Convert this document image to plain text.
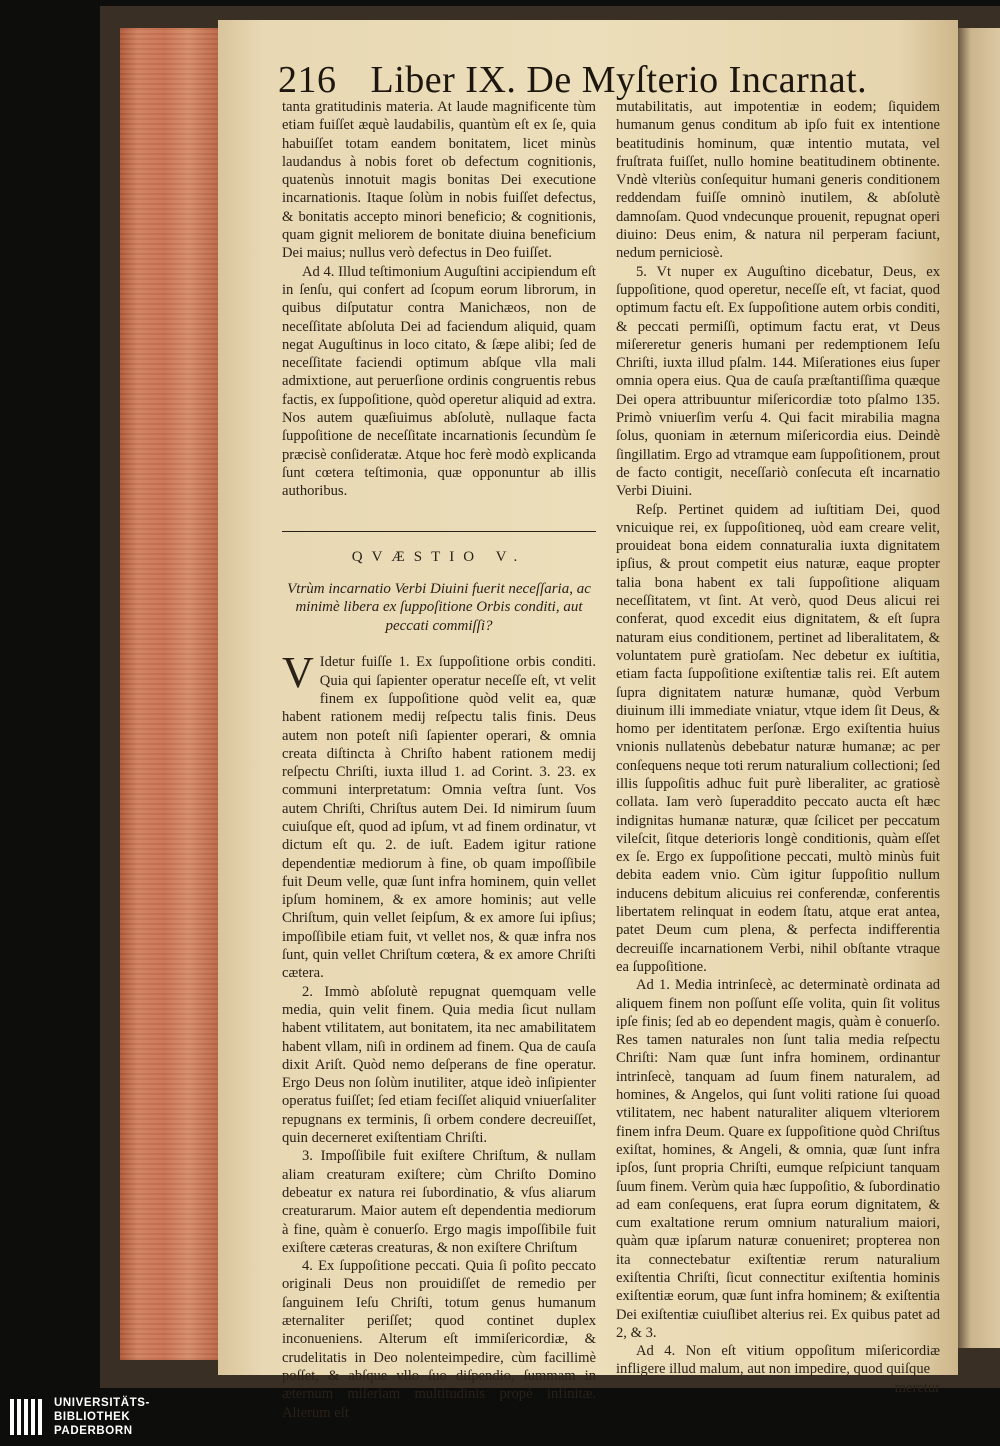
216 Liber IX. De Myſterio Incarnat.

tanta gratitudinis materia. At laude magnificente tùm etiam fuiſſet æquè laudabilis, quantùm eſt ex ſe, quia habuiſſet totam eandem bonitatem, licet minùs laudandus à nobis foret ob defectum cognitionis, quatenùs innotuit magis bonitas Dei executione incarnationis. Itaque ſolùm in nobis fuiſſet defectus, & bonitatis accepto minori beneficio; & cognitionis, quam gignit meliorem de bonitate diuina beneficium Dei maius; nullus verò defectus in Deo fuiſſet.

Ad 4. Illud teſtimonium Auguſtini accipiendum eſt in ſenſu, qui confert ad ſcopum eorum librorum, in quibus diſputatur contra Manichæos, non de neceſſitate abſoluta Dei ad faciendum aliquid, quam negat Auguſtinus in loco citato, & ſæpe alibi; ſed de neceſſitate faciendi optimum abſque vlla mali admixtione, aut peruerſione ordinis congruentis rebus factis, ex ſuppoſitione, quòd operetur aliquid ad extra. Nos autem quæſiuimus abſolutè, nullaque facta ſuppoſitione de neceſſitate incarnationis ſecundùm ſe præcisè conſideratæ. Atque hoc ferè modò explicanda ſunt cœtera teſtimonia, quæ opponuntur ab illis authoribus.

QVÆSTIO V.
Vtrùm incarnatio Verbi Diuini fuerit neceſſaria, ac minimè libera ex ſuppoſitione Orbis conditi, aut peccati commiſſi?

V Idetur fuiſſe 1. Ex ſuppoſitione orbis conditi. Quia qui ſapienter operatur neceſſe eſt, vt velit finem ex ſuppoſitione quòd velit ea, quæ habent rationem medij reſpectu talis finis. Deus autem non poteſt niſi ſapienter operari, & omnia creata diſtincta à Chriſto habent rationem medij reſpectu Chriſti, iuxta illud 1. ad Corint. 3. 23. ex communi interpretatum: Omnia veſtra ſunt. Vos autem Chriſti, Chriſtus autem Dei. Id nimirum ſuum cuiuſque eſt, quod ad ipſum, vt ad finem ordinatur, vt dictum eſt qu. 2. de iuſt. Eadem igitur ratione dependentiæ mediorum à fine, ob quam impoſſibile fuit Deum velle, quæ ſunt infra hominem, quin vellet ipſum hominem, & ex amore hominis; aut velle Chriſtum, quin vellet ſeipſum, & ex amore ſui ipſius; impoſſibile etiam fuit, vt vellet nos, & quæ infra nos ſunt, quin vellet Chriſtum cœtera, & ex amore Chriſti cætera.

2. Immò abſolutè repugnat quemquam velle media, quin velit finem. Quia media ſicut nullam habent vtilitatem, aut bonitatem, ita nec amabilitatem habent vllam, niſi in ordinem ad finem. Qua de cauſa dixit Ariſt. Quòd nemo deſperans de fine operatur. Ergo Deus non ſolùm inutiliter, atque ideò inſipienter operatus fuiſſet; ſed etiam feciſſet aliquid vniuerſaliter repugnans ex terminis, ſi orbem condere decreuiſſet, quin decerneret exiſtentiam Chriſti.

3. Impoſſibile fuit exiſtere Chriſtum, & nullam aliam creaturam exiſtere; cùm Chriſto Domino debeatur ex natura rei ſubordinatio, & vſus aliarum creaturarum. Maior autem eſt dependentia mediorum à fine, quàm è conuerſo. Ergo magis impoſſibile fuit exiſtere cæteras creaturas, & non exiſtere Chriſtum

4. Ex ſuppoſitione peccati. Quia ſi poſito peccato originali Deus non prouidiſſet de remedio per ſanguinem Ieſu Chriſti, totum genus humanum æternaliter periſſet; quod continet duplex inconueniens. Alterum eſt immiſericordiæ, & crudelitatis in Deo nolenteimpedire, cùm facillimè poſſet, & abſque vllo ſuo diſpendio, ſummam in æternum miſeriam multitudinis propè infinitæ. Alterum eſt

mutabilitatis, aut impotentiæ in eodem; ſiquidem humanum genus conditum ab ipſo fuit ex intentione beatitudinis hominum, quæ intentio mutata, vel fruſtrata fuiſſet, nullo homine beatitudinem obtinente. Vndè vlteriùs conſequitur humani generis conditionem reddendam fuiſſe omninò inutilem, & abſolutè damnoſam. Quod vndecunque prouenit, repugnat operi diuino: Deus enim, & natura nil perperam faciunt, nedum perniciosè.

5. Vt nuper ex Auguſtino dicebatur, Deus, ex ſuppoſitione, quod operetur, neceſſe eſt, vt faciat, quod optimum factu eſt. Ex ſuppoſitione autem orbis conditi, & peccati permiſſi, optimum factu erat, vt Deus miſereretur generis humani per redemptionem Ieſu Chriſti, iuxta illud pſalm. 144. Miſerationes eius ſuper omnia opera eius. Qua de cauſa præſtantiſſima quæque Dei opera attribuuntur miſericordiæ toto pſalmo 135. Primò vniuerſim verſu 4. Qui facit mirabilia magna ſolus, quoniam in æternum miſericordia eius. Deindè ſingillatim. Ergo ad vtramque eam ſuppoſitionem, prout de facto contigit, neceſſariò conſecuta eſt incarnatio Verbi Diuini.

Reſp. Pertinet quidem ad iuſtitiam Dei, quod vnicuique rei, ex ſuppoſitioneq, uòd eam creare velit, prouideat bona eidem connaturalia iuxta dignitatem ipſius, & prout competit eius naturæ, eaque propter talia bona habent ex tali ſuppoſitione aliquam neceſſitatem, vt ſint. At verò, quod Deus alicui rei conferat, quod excedit eius dignitatem, & eſt ſupra naturam eius conditionem, pertinet ad liberalitatem, & voluntatem purè gratioſam. Nec debetur ex iuſtitia, etiam facta ſuppoſitione exiſtentiæ talis rei. Eſt autem ſupra dignitatem naturæ humanæ, quòd Verbum diuinum illi immediate vniatur, vtque idem ſit Deus, & homo per identitatem perſonæ. Ergo exiſtentia huius vnionis nullatenùs debebatur naturæ humanæ; ac per conſequens neque toti rerum naturalium collectioni; ſed illis ſuppoſitis adhuc fuit purè liberaliter, ac gratiosè collata. Iam verò ſuperaddito peccato aucta eſt hæc indignitas humanæ naturæ, quæ ſcilicet per peccatum vileſcit, ſitque deterioris longè conditionis, quàm eſſet ex ſe. Ergo ex ſuppoſitione peccati, multò minùs fuit debita eadem vnio. Cùm igitur ſuppoſitio nullum inducens debitum alicuius rei conferendæ, conferentis libertatem relinquat in eodem ſtatu, atque erat antea, patet Deum cum plena, & perfecta indifferentia decreuiſſe incarnationem Verbi, nihil obſtante vtraque ea ſuppoſitione.

Ad 1. Media intrinſecè, ac determinatè ordinata ad aliquem finem non poſſunt eſſe volita, quin ſit volitus ipſe finis; ſed ab eo dependent magis, quàm è conuerſo. Res tamen naturales non ſunt talia media reſpectu Chriſti: Nam quæ ſunt infra hominem, ordinantur intrinſecè, tanquam ad ſuum finem naturalem, ad homines, & Angelos, qui ſunt voliti ratione ſui quoad vtilitatem, nec habent naturaliter aliquem vlteriorem finem infra Deum. Quare ex ſuppoſitione quòd Chriſtus exiſtat, homines, & Angeli, & omnia, quæ ſunt infra ipſos, ſunt propria Chriſti, eumque reſpiciunt tanquam ſuum finem. Verùm quia hæc ſuppoſitio, & ſubordinatio ad eam conſequens, erat ſupra eorum dignitatem, & cum exaltatione rerum omnium naturalium maiori, quàm quæ ipſarum naturæ conueniret; propterea non ita connectebatur exiſtentiæ rerum naturalium exiſtentia Chriſti, ſicut connectitur exiſtentia hominis exiſtentiæ eorum, quæ ſunt infra hominem; & exiſtentia Dei exiſtentiæ cuiuſlibet alterius rei. Ex quibus patet ad 2, & 3.

Ad 4. Non eſt vitium oppoſitum miſericordiæ infligere illud malum, aut non impedire, quod quiſque

meretur

UNIVERSITÄTS-
BIBLIOTHEK
PADERBORN
